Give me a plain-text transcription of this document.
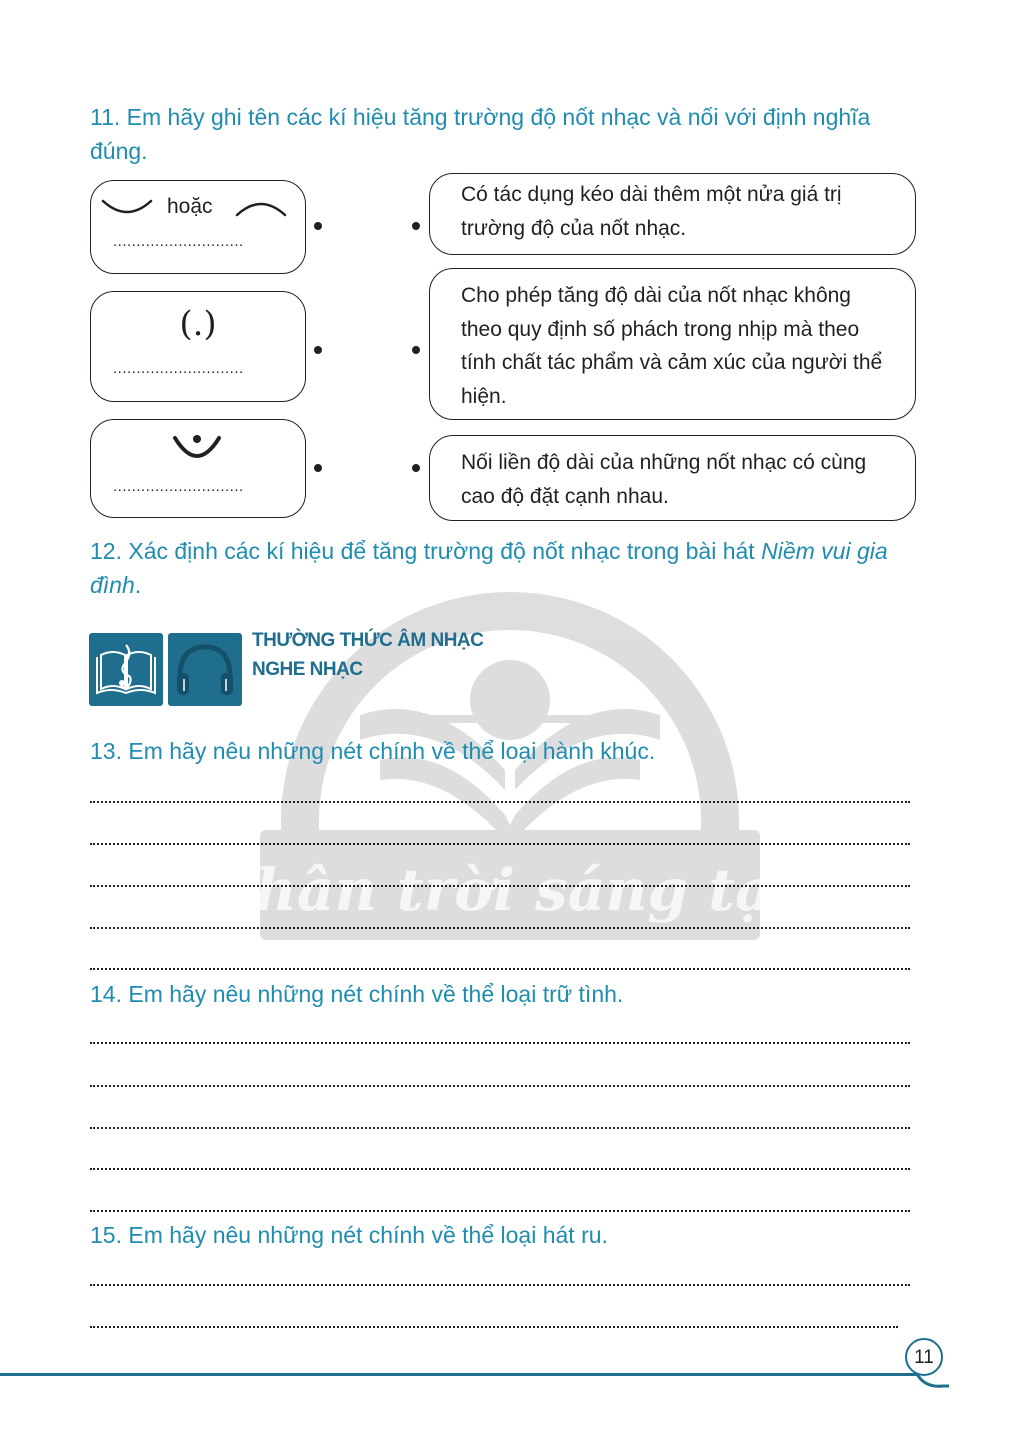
Chân trời sáng tạo

11. Em hãy ghi tên các kí hiệu tăng trường độ nốt nhạc và nối với định nghĩa đúng.

hoặc
............................
(.)
............................
............................
Có tác dụng kéo dài thêm một nửa giá trị trường độ của nốt nhạc.
Cho phép tăng độ dài của nốt nhạc không theo quy định số phách trong nhịp mà theo tính chất tác phẩm và cảm xúc của người thể hiện.
Nối liền độ dài của những nốt nhạc có cùng cao độ đặt cạnh nhau.

12. Xác định các kí hiệu để tăng trường độ nốt nhạc trong bài hát Niềm vui gia đình.

THƯỜNG THỨC ÂM NHẠC
NGHE NHẠC

13. Em hãy nêu những nét chính về thể loại hành khúc.

14. Em hãy nêu những nét chính về thể loại trữ tình.

15. Em hãy nêu những nét chính về thể loại hát ru.

11
